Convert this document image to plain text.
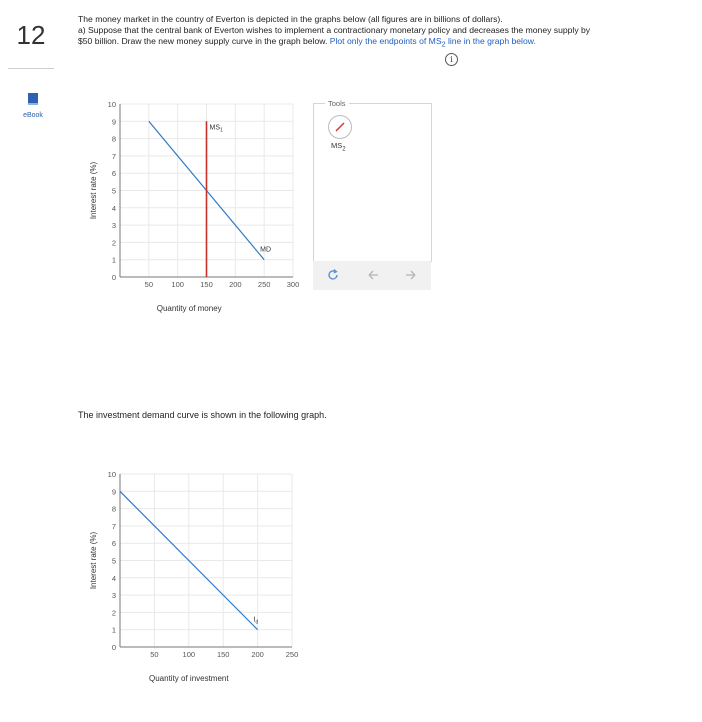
12
eBook
The money market in the country of Everton is depicted in the graphs below (all figures are in billions of dollars).
a) Suppose that the central bank of Everton wishes to implement a contractionary monetary policy and decreases the money supply by
$50 billion. Draw the new money supply curve in the graph below. Plot only the endpoints of $MS_2$ line in the graph below.
i
0
1
2
3
4
5
6
7
8
9
10
50 100 150 200 250 300
Quantity of money
Interest rate (%)
MD
$MS_1$
Tools
$MS_2$
The investment demand curve is shown in the following graph.
0
1
2
3
4
5
6
7
8
9
10
50	100	150	200	250
Quantity of investment
Interest rate (%)
$I_d$
